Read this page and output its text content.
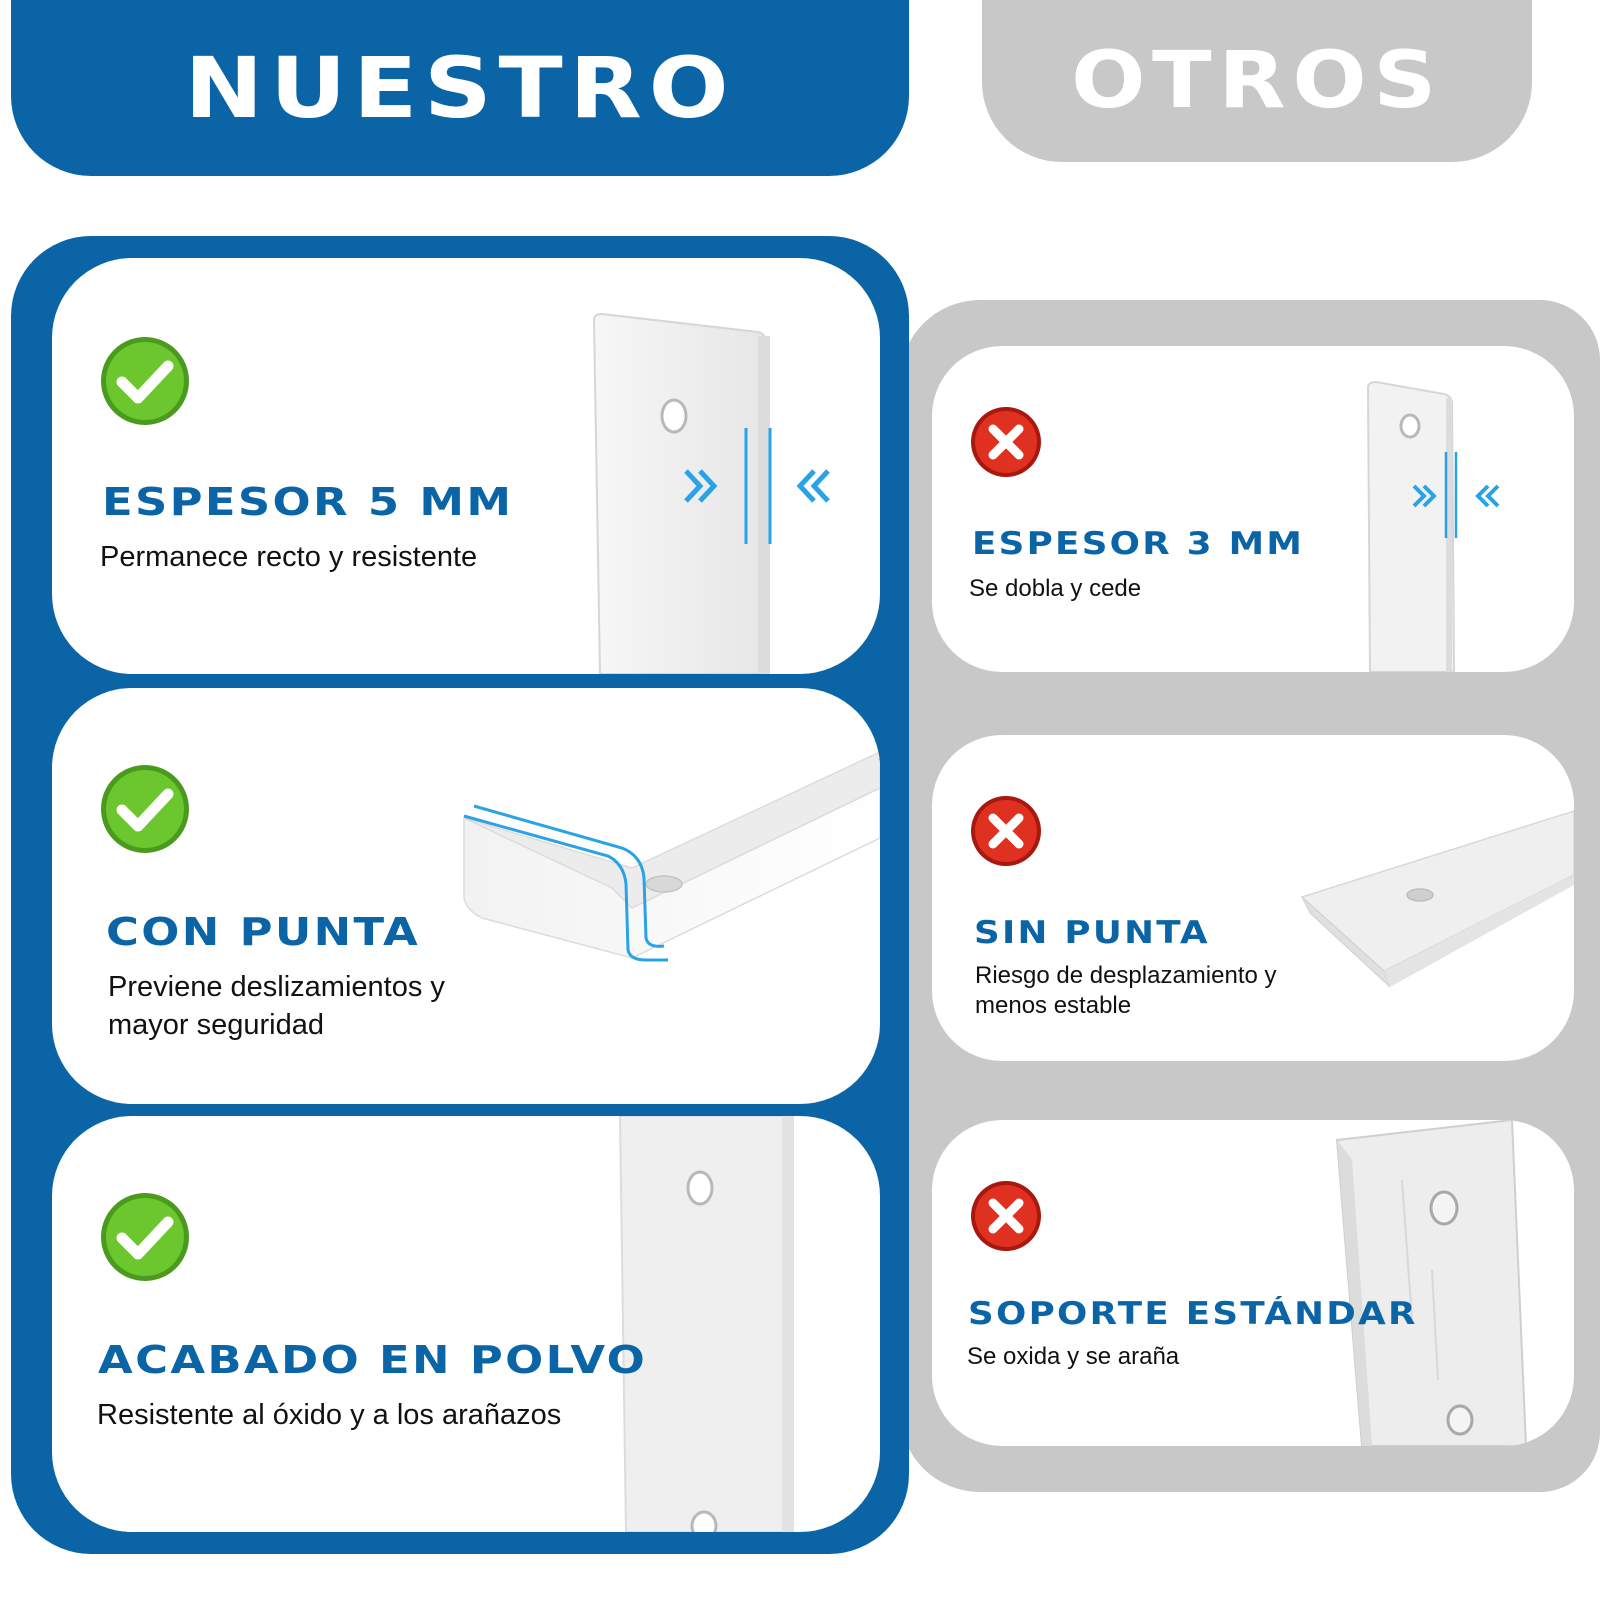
NUESTRO	OTROS
ESPESOR 5 MM
Permanece recto y resistente
CON PUNTA
Previene deslizamientos y
mayor seguridad
ACABADO EN POLVO
Resistente al óxido y a los arañazos
ESPESOR 3 MM
Se dobla y cede
SIN PUNTA
Riesgo de desplazamiento y
menos estable
SOPORTE ESTÁNDAR
Se oxida y se araña
